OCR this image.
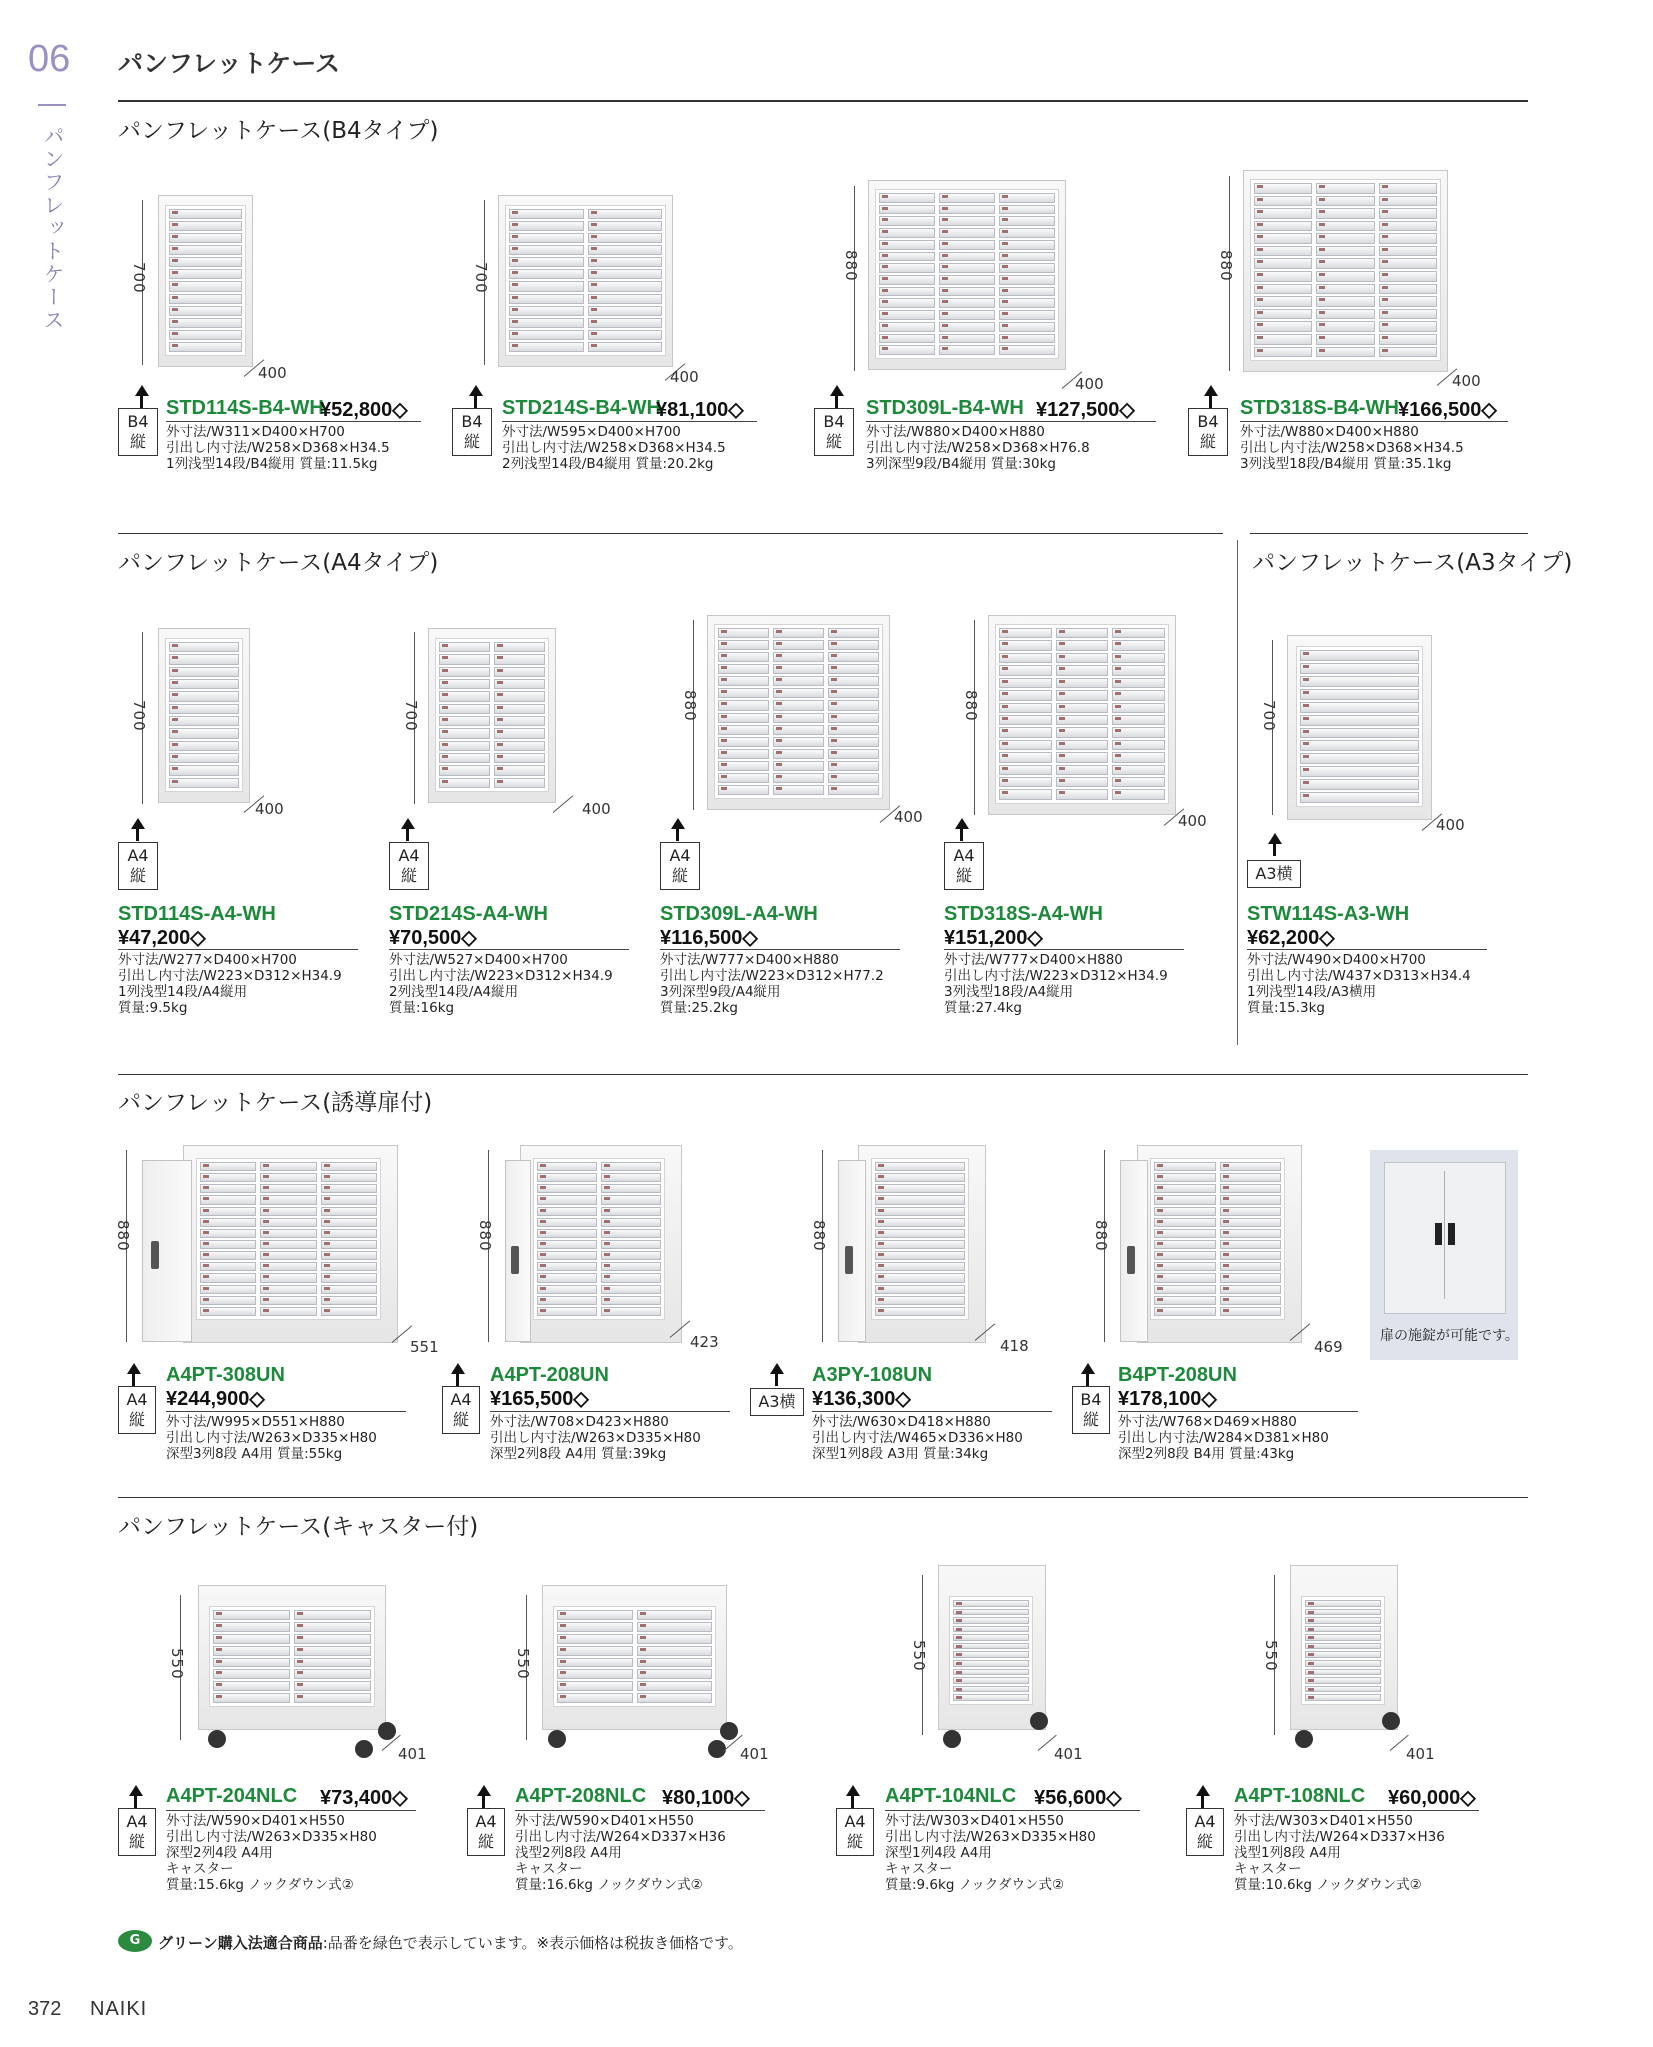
06
パンフレットケース
パンフレットケース
パンフレットケース(B4タイプ)
パンフレットケース(A4タイプ)	パンフレットケース(A3タイプ)
パンフレットケース(誘導扉付)
パンフレットケース(キャスター付)
700
400
B4
縦
STD114S-B4-WH
¥52,800◇
外寸法/W311×D400×H700
引出し内寸法/W258×D368×H34.5
1列浅型14段/B4縦用 質量:11.5kg
700
400
B4
縦
STD214S-B4-WH
¥81,100◇
外寸法/W595×D400×H700
引出し内寸法/W258×D368×H34.5
2列浅型14段/B4縦用 質量:20.2kg
880
400
B4
縦
STD309L-B4-WH ¥127,500◇
外寸法/W880×D400×H880
引出し内寸法/W258×D368×H76.8
3列深型9段/B4縦用 質量:30kg
880
400
B4
縦
STD318S-B4-WH ¥166,500◇
外寸法/W880×D400×H880
引出し内寸法/W258×D368×H34.5
3列浅型18段/B4縦用 質量:35.1kg
700
400
A4
縦
STD114S-A4-WH
¥47,200◇
外寸法/W277×D400×H700
引出し内寸法/W223×D312×H34.9
1列浅型14段/A4縦用
質量:9.5kg
700
400
A4
縦
STD214S-A4-WH
¥70,500◇
外寸法/W527×D400×H700
引出し内寸法/W223×D312×H34.9
2列浅型14段/A4縦用
質量:16kg
880
400
A4
縦
STD309L-A4-WH
¥116,500◇
外寸法/W777×D400×H880
引出し内寸法/W223×D312×H77.2
3列深型9段/A4縦用
質量:25.2kg
880
400
A4
縦
STD318S-A4-WH
¥151,200◇
外寸法/W777×D400×H880
引出し内寸法/W223×D312×H34.9
3列浅型18段/A4縦用
質量:27.4kg
700
400
A3横
STW114S-A3-WH
¥62,200◇
外寸法/W490×D400×H700
引出し内寸法/W437×D313×H34.4
1列浅型14段/A3横用
質量:15.3kg
880
551
A4
縦
A4PT-308UN
¥244,900◇
外寸法/W995×D551×H880
引出し内寸法/W263×D335×H80
深型3列8段 A4用 質量:55kg
880
423
A4
縦
A4PT-208UN
¥165,500◇
外寸法/W708×D423×H880
引出し内寸法/W263×D335×H80
深型2列8段 A4用 質量:39kg
880
418
A3横
A3PY-108UN
¥136,300◇
外寸法/W630×D418×H880
引出し内寸法/W465×D336×H80
深型1列8段 A3用 質量:34kg
880
469
B4
縦
B4PT-208UN
¥178,100◇
外寸法/W768×D469×H880
引出し内寸法/W284×D381×H80
深型2列8段 B4用 質量:43kg
扉の施錠が可能です。
550
401
A4
縦
A4PT-204NLC ¥73,400◇
外寸法/W590×D401×H550
引出し内寸法/W263×D335×H80
深型2列4段 A4用
キャスター
質量:15.6kg ノックダウン式②
550
401
A4
縦
A4PT-208NLC ¥80,100◇
外寸法/W590×D401×H550
引出し内寸法/W264×D337×H36
浅型2列8段 A4用
キャスター
質量:16.6kg ノックダウン式②
550
401
A4
縦
A4PT-104NLC ¥56,600◇
外寸法/W303×D401×H550
引出し内寸法/W263×D335×H80
深型1列4段 A4用
キャスター
質量:9.6kg ノックダウン式②
550
401
A4
縦
A4PT-108NLC ¥60,000◇
外寸法/W303×D401×H550
引出し内寸法/W264×D337×H36
浅型1列8段 A4用
キャスター
質量:10.6kg ノックダウン式②
G	グリーン購入法適合商品:品番を緑色で表示しています。※表示価格は税抜き価格です。
372 NAIKI
